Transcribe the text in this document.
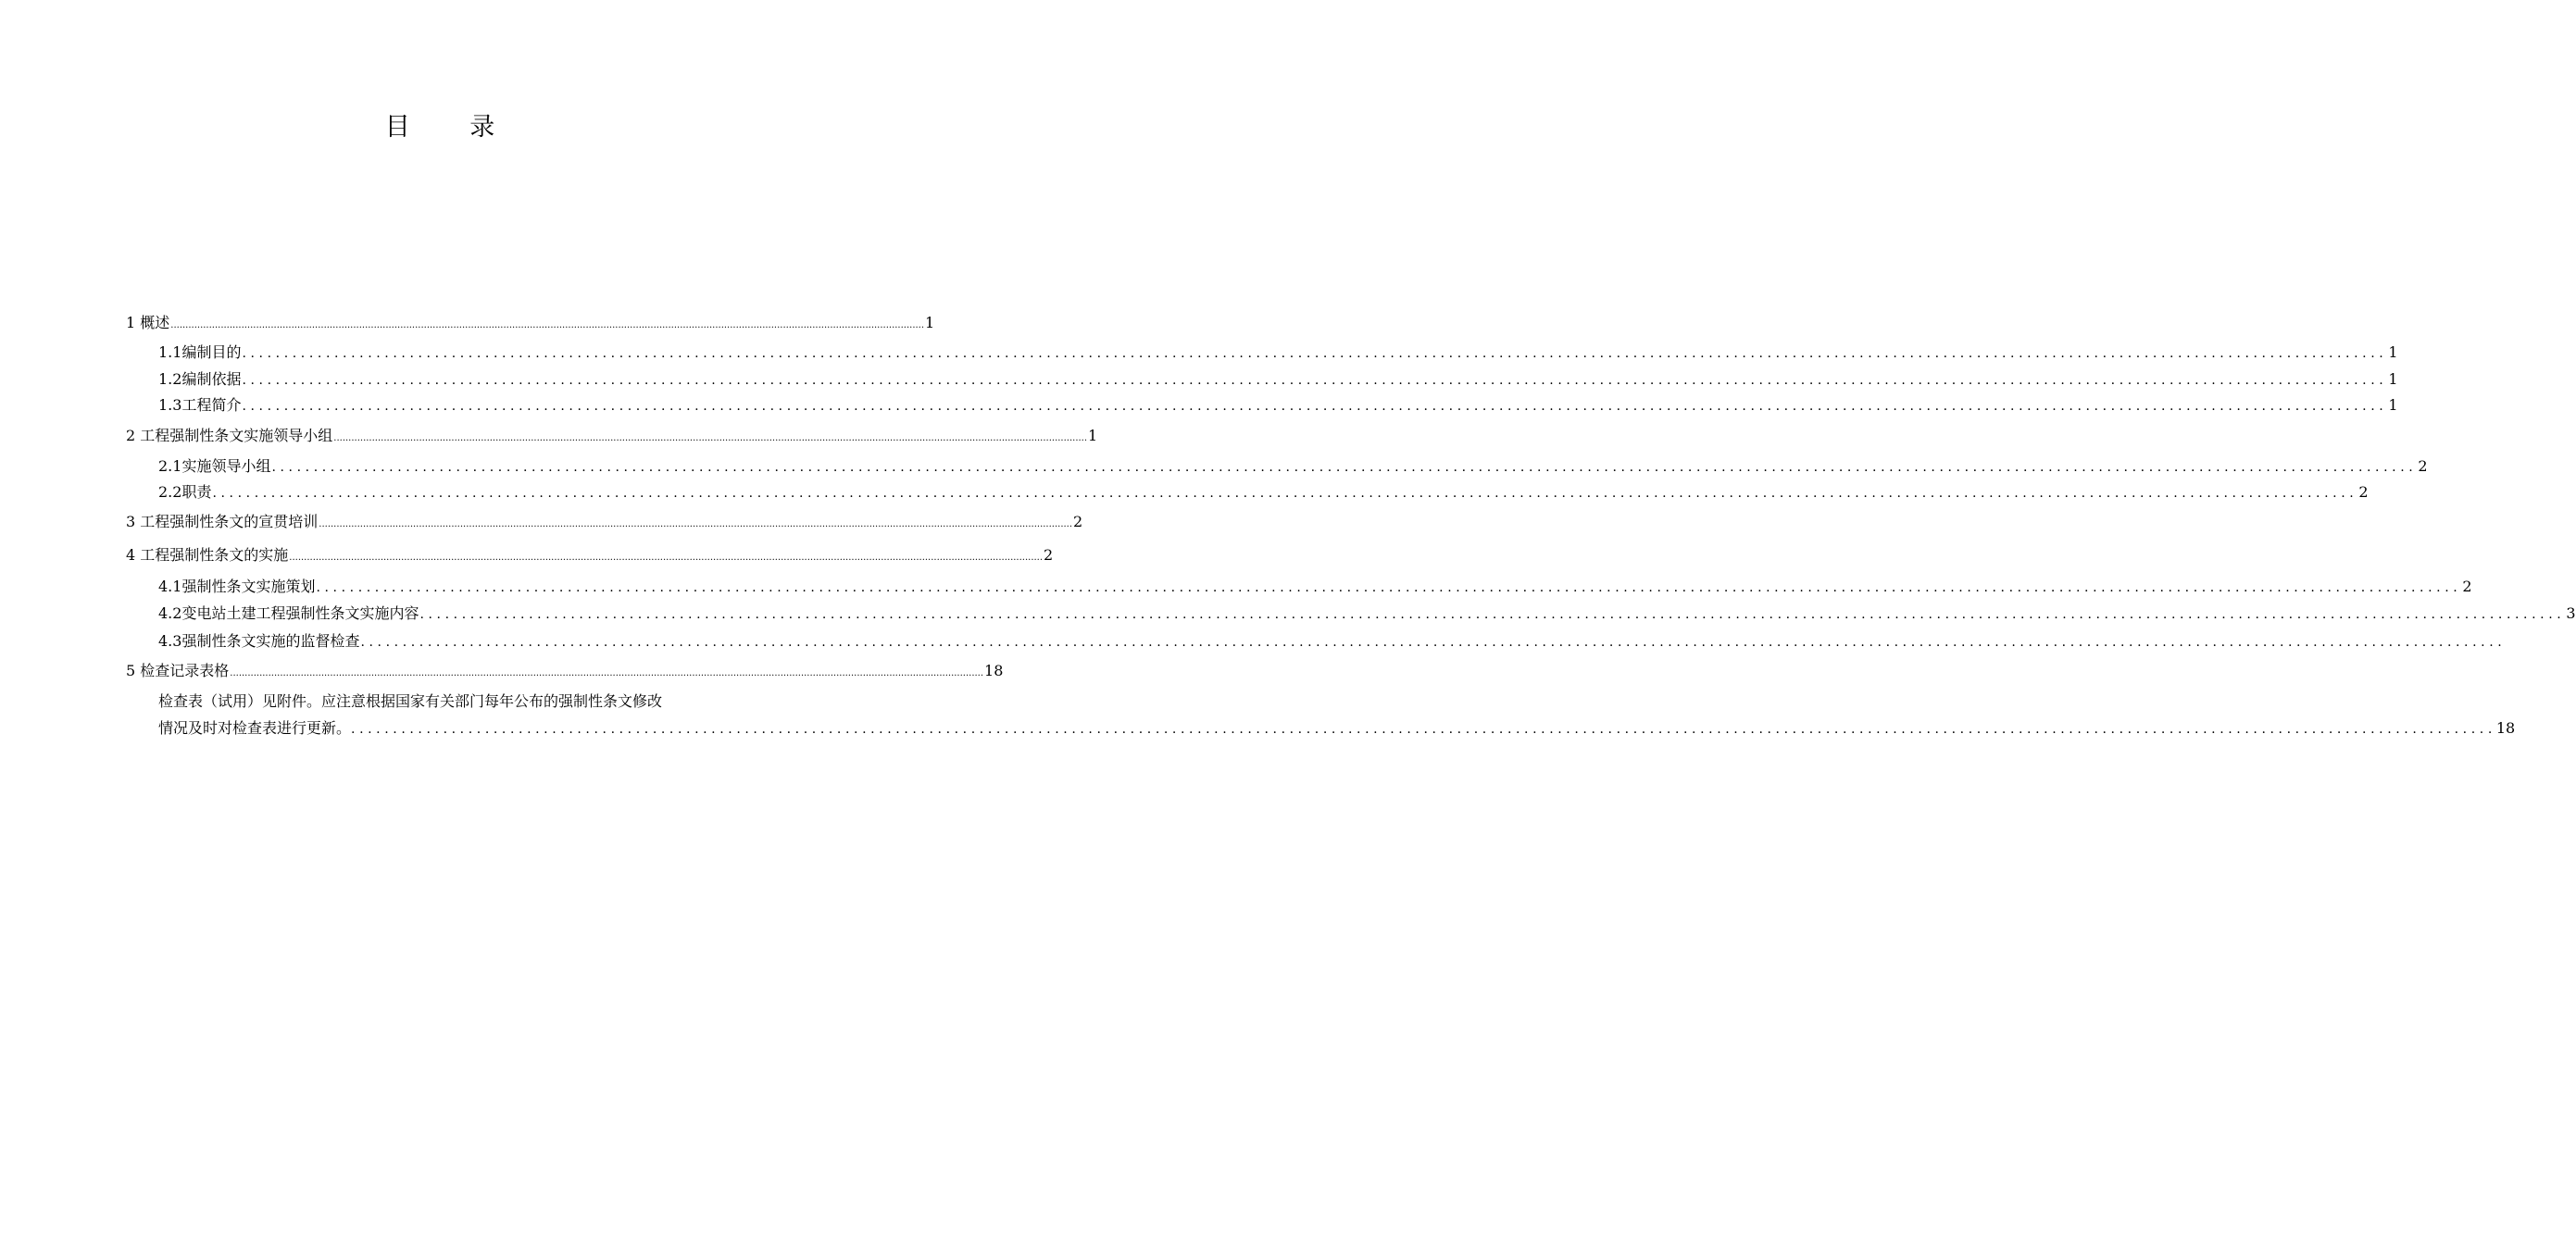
目 录
1 概述 ................................................................................................................................................................................................................................................................ 1
1.1编制目的 ................................................................................................................................................................................................................................................................ 1
1.2编制依据 ................................................................................................................................................................................................................................................................ 1
1.3工程简介 ................................................................................................................................................................................................................................................................ 1
2 工程强制性条文实施领导小组 ................................................................................................................................................................................................................................................................ 1
2.1实施领导小组 ................................................................................................................................................................................................................................................................ 2
2.2职责 ................................................................................................................................................................................................................................................................ 2
3 工程强制性条文的宣贯培训 ................................................................................................................................................................................................................................................................ 2
4 工程强制性条文的实施 ................................................................................................................................................................................................................................................................ 2
4.1强制性条文实施策划 ................................................................................................................................................................................................................................................................ 2
4.2变电站土建工程强制性条文实施内容 ................................................................................................................................................................................................................................................................ 3
4.3强制性条文实施的监督检查 ................................................................................................................................................................................................................................................................
5 检查记录表格 ................................................................................................................................................................................................................................................................ 18
检查表（试用）见附件。应注意根据国家有关部门每年公布的强制性条文修改
情况及时对检查表进行更新。 ................................................................................................................................................................................................................................................................ 18
